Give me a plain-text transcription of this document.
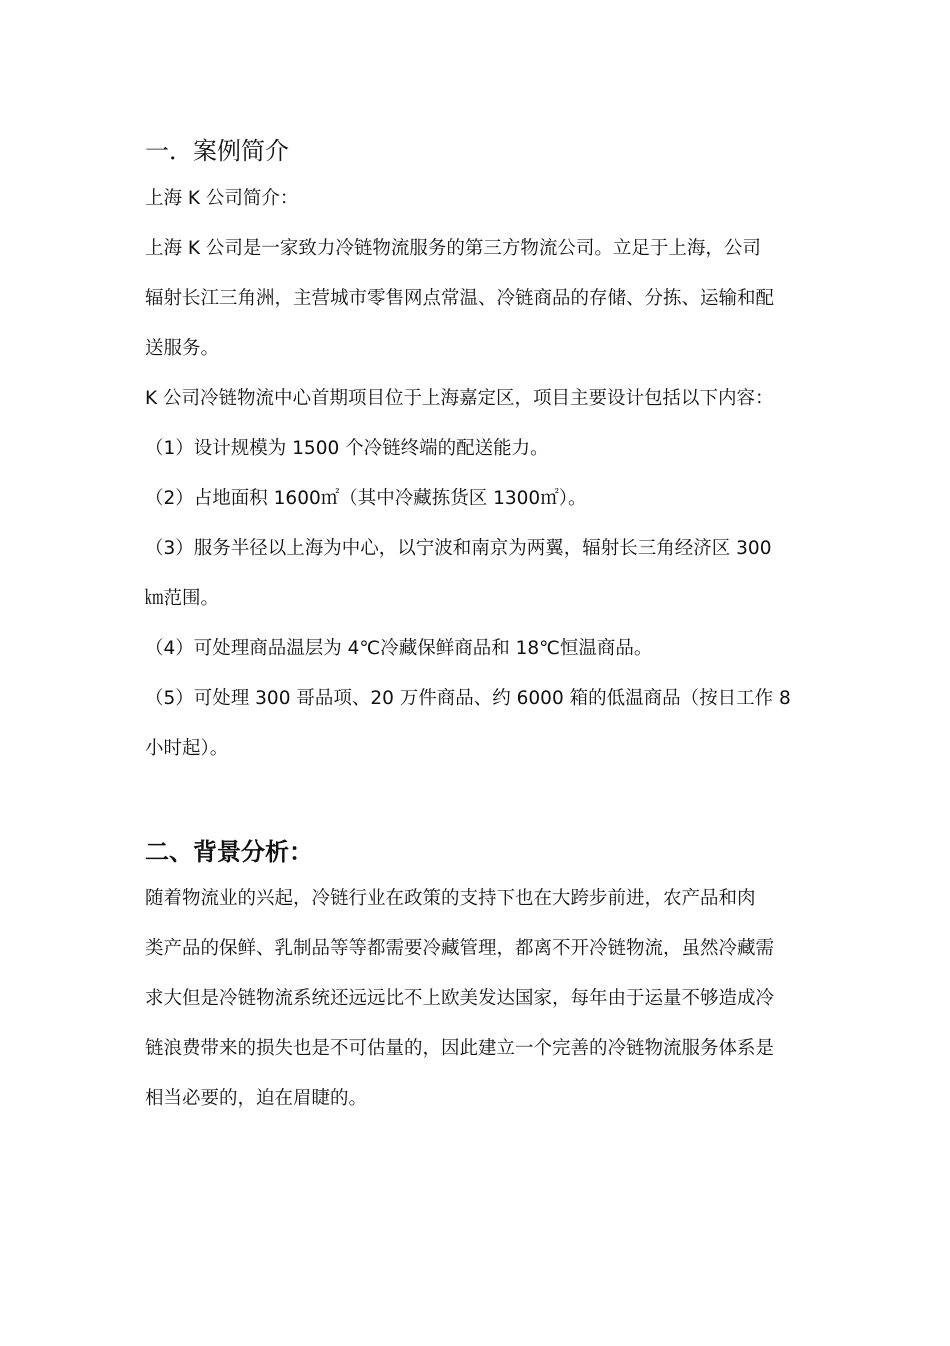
一．案例简介

上海 K 公司简介：

上海 K 公司是一家致力冷链物流服务的第三方物流公司。立足于上海，公司

辐射长江三角洲，主营城市零售网点常温、冷链商品的存储、分拣、运输和配

送服务。

K 公司冷链物流中心首期项目位于上海嘉定区，项目主要设计包括以下内容：

（1）设计规模为 1500 个冷链终端的配送能力。

（2）占地面积 1600㎡（其中冷藏拣货区 1300㎡）。

（3）服务半径以上海为中心，以宁波和南京为两翼，辐射长三角经济区 300

㎞范围。

（4）可处理商品温层为 4℃冷藏保鲜商品和 18℃恒温商品。

（5）可处理 300 哥品项、20 万件商品、约 6000 箱的低温商品（按日工作 8

小时起）。

二、背景分析：

随着物流业的兴起，冷链行业在政策的支持下也在大跨步前进，农产品和肉

类产品的保鲜、乳制品等等都需要冷藏管理，都离不开冷链物流，虽然冷藏需

求大但是冷链物流系统还远远比不上欧美发达国家，每年由于运量不够造成冷

链浪费带来的损失也是不可估量的，因此建立一个完善的冷链物流服务体系是

相当必要的，迫在眉睫的。
